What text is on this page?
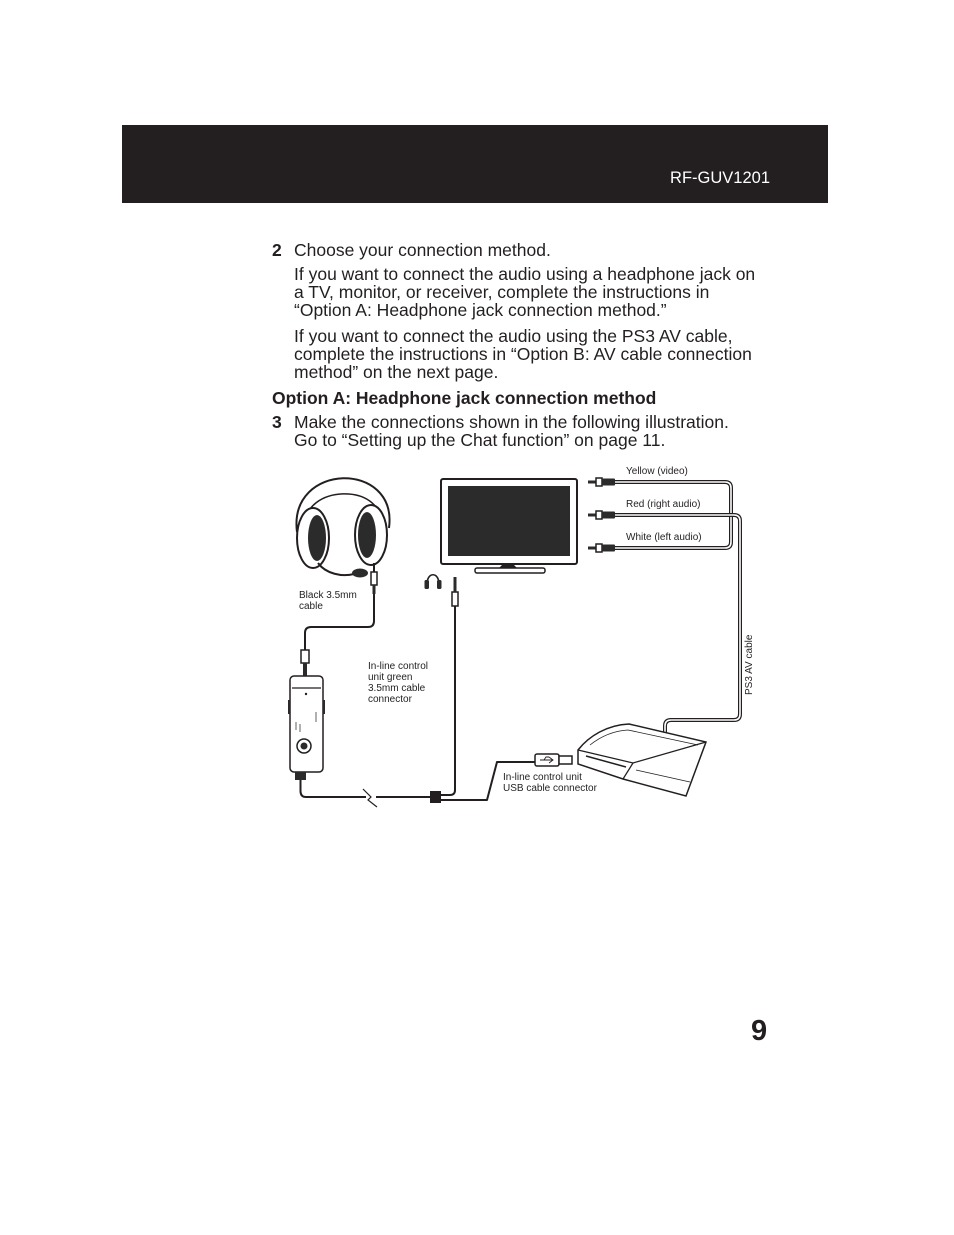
RF-GUV1201
2 Choose your connection method.
If you want to connect the audio using a headphone jack on
a TV, monitor, or receiver, complete the instructions in
“Option A: Headphone jack connection method.”
If you want to connect the audio using the PS3 AV cable,
complete the instructions in “Option B: AV cable connection
method” on the next page.
Option A: Headphone jack connection method
3 Make the connections shown in the following illustration.
Go to “Setting up the Chat function” on page 11.
Yellow (video)
Red (right audio)
White (left audio)
PS3 AV cable
Black 3.5mm
cable
In-line control
unit green
3.5mm cable
connector
In-line control unit
USB cable connector
9
